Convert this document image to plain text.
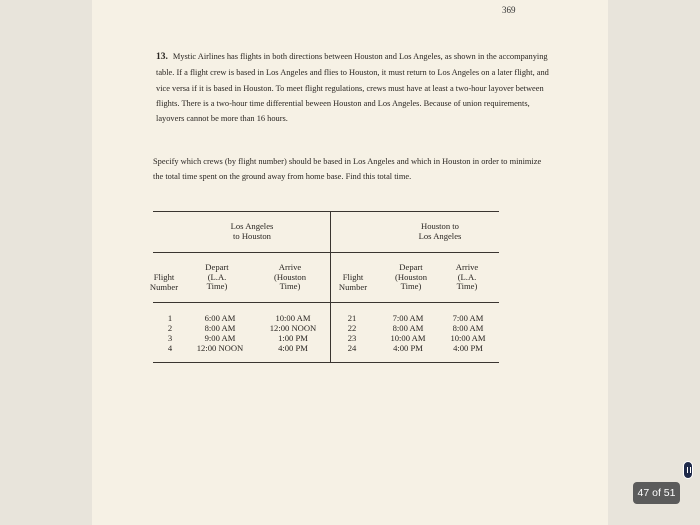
369

13. Mystic Airlines has flights in both directions between Houston and Los Angeles, as shown in the accompanying table. If a flight crew is based in Los Angeles and flies to Houston, it must return to Los Angeles on a later flight, and vice versa if it is based in Houston. To meet flight regulations, crews must have at least a two-hour layover between flights. There is a two-hour time differential beween Houston and Los Angeles. Because of union requirements, layovers cannot be more than 16 hours.

Specify which crews (by flight number) should be based in Los Angeles and which in Houston in order to minimize the total time spent on the ground away from home base. Find this total time.

Los Angeles
to Houston
Houston to
Los Angeles
Flight
Number
Depart
(L.A.
Time)
Arrive
(Houston
Time)
Flight
Number
Depart
(Houston
Time)
Arrive
(L.A.
Time)
1
2
3
4
6:00 AM
8:00 AM
9:00 AM
12:00 NOON
10:00 AM
12:00 NOON
1:00 PM
4:00 PM
21
22
23
24
7:00 AM
8:00 AM
10:00 AM
4:00 PM
7:00 AM
8:00 AM
10:00 AM
4:00 PM
47 of 51
